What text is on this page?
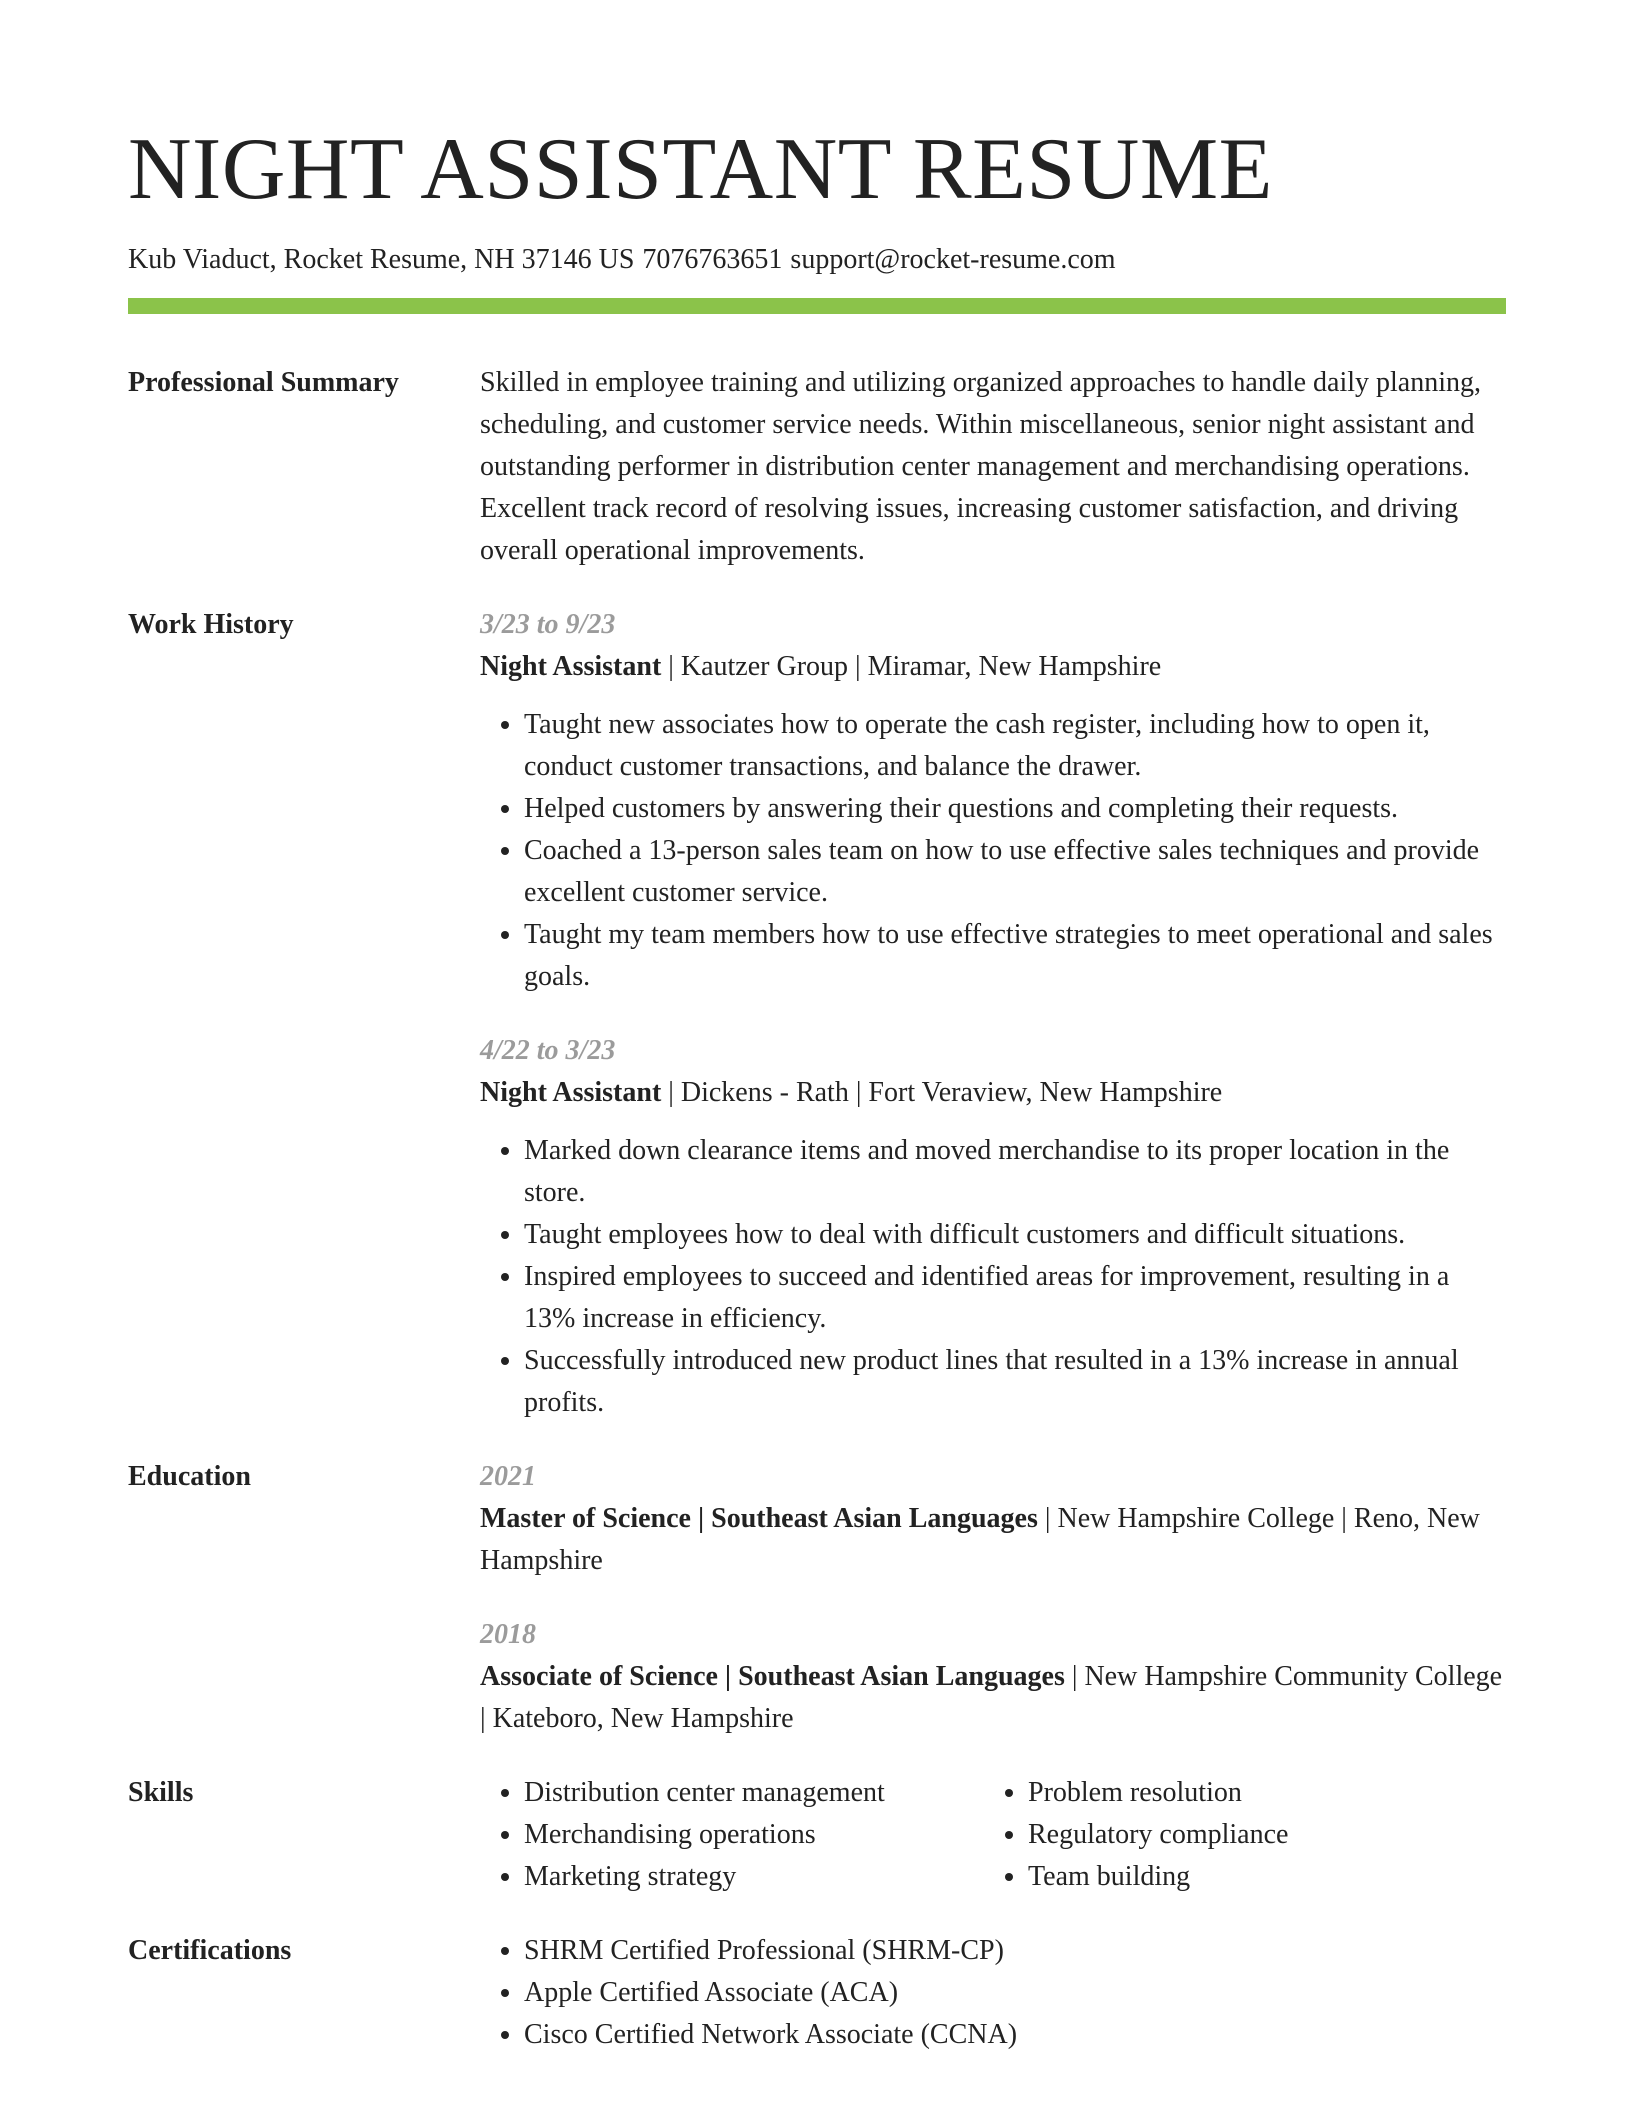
NIGHT ASSISTANT RESUME
Kub Viaduct, Rocket Resume, NH 37146 US 7076763651 support@rocket-resume.com
Professional Summary	Skilled in employee training and utilizing organized approaches to handle daily planning, scheduling, and customer service needs. Within miscellaneous, senior night assistant and outstanding performer in distribution center management and merchandising operations. Excellent track record of resolving issues, increasing customer satisfaction, and driving overall operational improvements.

Work History	3/23 to 9/23
Night Assistant | Kautzer Group | Miramar, New Hampshire
• Taught new associates how to operate the cash register, including how to open it, conduct customer transactions, and balance the drawer.
• Helped customers by answering their questions and completing their requests.
• Coached a 13-person sales team on how to use effective sales techniques and provide excellent customer service.
• Taught my team members how to use effective strategies to meet operational and sales goals.
4/22 to 3/23
Night Assistant | Dickens - Rath | Fort Veraview, New Hampshire
• Marked down clearance items and moved merchandise to its proper location in the store.
• Taught employees how to deal with difficult customers and difficult situations.
• Inspired employees to succeed and identified areas for improvement, resulting in a 13% increase in efficiency.
• Successfully introduced new product lines that resulted in a 13% increase in annual profits.
Education	2021
Master of Science | Southeast Asian Languages | New Hampshire College | Reno, New Hampshire
2018
Associate of Science | Southeast Asian Languages | New Hampshire Community College | Kateboro, New Hampshire
Skills	• Distribution center management
• Merchandising operations
• Marketing strategy
• Problem resolution
• Regulatory compliance
• Team building
Certifications	• SHRM Certified Professional (SHRM-CP)
• Apple Certified Associate (ACA)
• Cisco Certified Network Associate (CCNA)
